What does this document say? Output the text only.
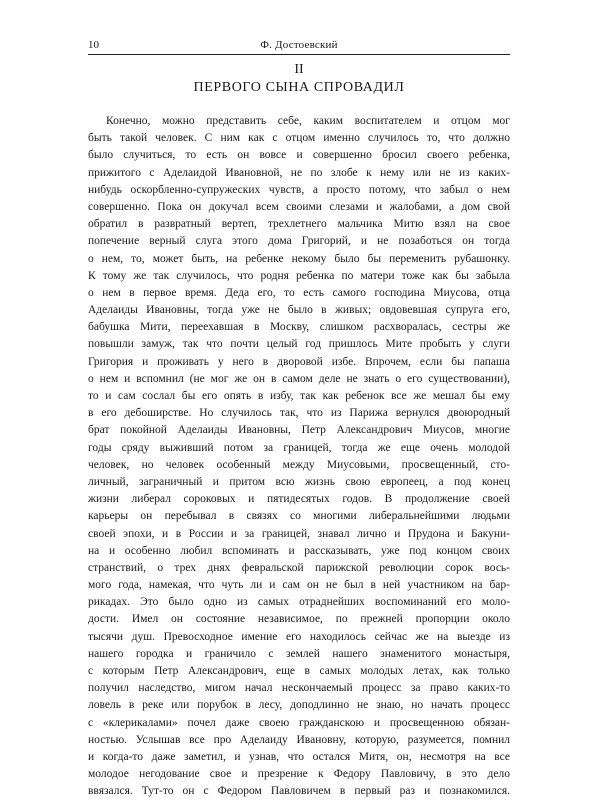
10	Ф. Достоевский
II
ПЕРВОГО СЫНА СПРОВАДИЛ
Конечно, можно представить себе, каким воспитателем и отцом мог
быть такой человек. С ним как с отцом именно случилось то, что должно
было случиться, то есть он вовсе и совершенно бросил своего ребенка,
прижитого с Аделаидой Ивановной, не по злобе к нему или не из каких-
нибудь оскорбленно-супружеских чувств, а просто потому, что забыл о нем
совершенно. Пока он докучал всем своими слезами и жалобами, а дом свой
обратил в развратный вертеп, трехлетнего мальчика Митю взял на свое
попечение верный слуга этого дома Григорий, и не позаботься он тогда
о нем, то, может быть, на ребенке некому было бы переменить рубашонку.
К тому же так случилось, что родня ребенка по матери тоже как бы забыла
о нем в первое время. Деда его, то есть самого господина Миусова, отца
Аделаиды Ивановны, тогда уже не было в живых; овдовевшая супруга его,
бабушка Мити, переехавшая в Москву, слишком расхворалась, сестры же
повышли замуж, так что почти целый год пришлось Мите пробыть у слуги
Григория и проживать у него в дворовой избе. Впрочем, если бы папаша
о нем и вспомнил (не мог же он в самом деле не знать о его существовании),
то и сам сослал бы его опять в избу, так как ребенок все же мешал бы ему
в его дебоширстве. Но случилось так, что из Парижа вернулся двоюродный
брат покойной Аделаиды Ивановны, Петр Александрович Миусов, многие
годы сряду выживший потом за границей, тогда же еще очень молодой
человек, но человек особенный между Миусовыми, просвещенный, сто-
личный, заграничный и притом всю жизнь свою европеец, а под конец
жизни либерал сороковых и пятидесятых годов. В продолжение своей
карьеры он перебывал в связях со многими либеральнейшими людьми
своей эпохи, и в России и за границей, знавал лично и Прудона и Бакуни-
на и особенно любил вспоминать и рассказывать, уже под концом своих
странствий, о трех днях февральской парижской революции сорок вось-
мого года, намекая, что чуть ли и сам он не был в ней участником на бар-
рикадах. Это было одно из самых отраднейших воспоминаний его моло-
дости. Имел он состояние независимое, по прежней пропорции около
тысячи душ. Превосходное имение его находилось сейчас же на выезде из
нашего городка и граничило с землей нашего знаменитого монастыря,
с которым Петр Александрович, еще в самых молодых летах, как только
получил наследство, мигом начал нескончаемый процесс за право каких-то
ловель в реке или порубок в лесу, доподлинно не знаю, но начать процесс
с «клерикалами» почел даже своею гражданскою и просвещенною обязан-
ностью. Услышав все про Аделаиду Ивановну, которую, разумеется, помнил
и когда-то даже заметил, и узнав, что остался Митя, он, несмотря на все
молодое негодование свое и презрение к Федору Павловичу, в это дело
ввязался. Тут-то он с Федором Павловичем в первый раз и познакомился.
